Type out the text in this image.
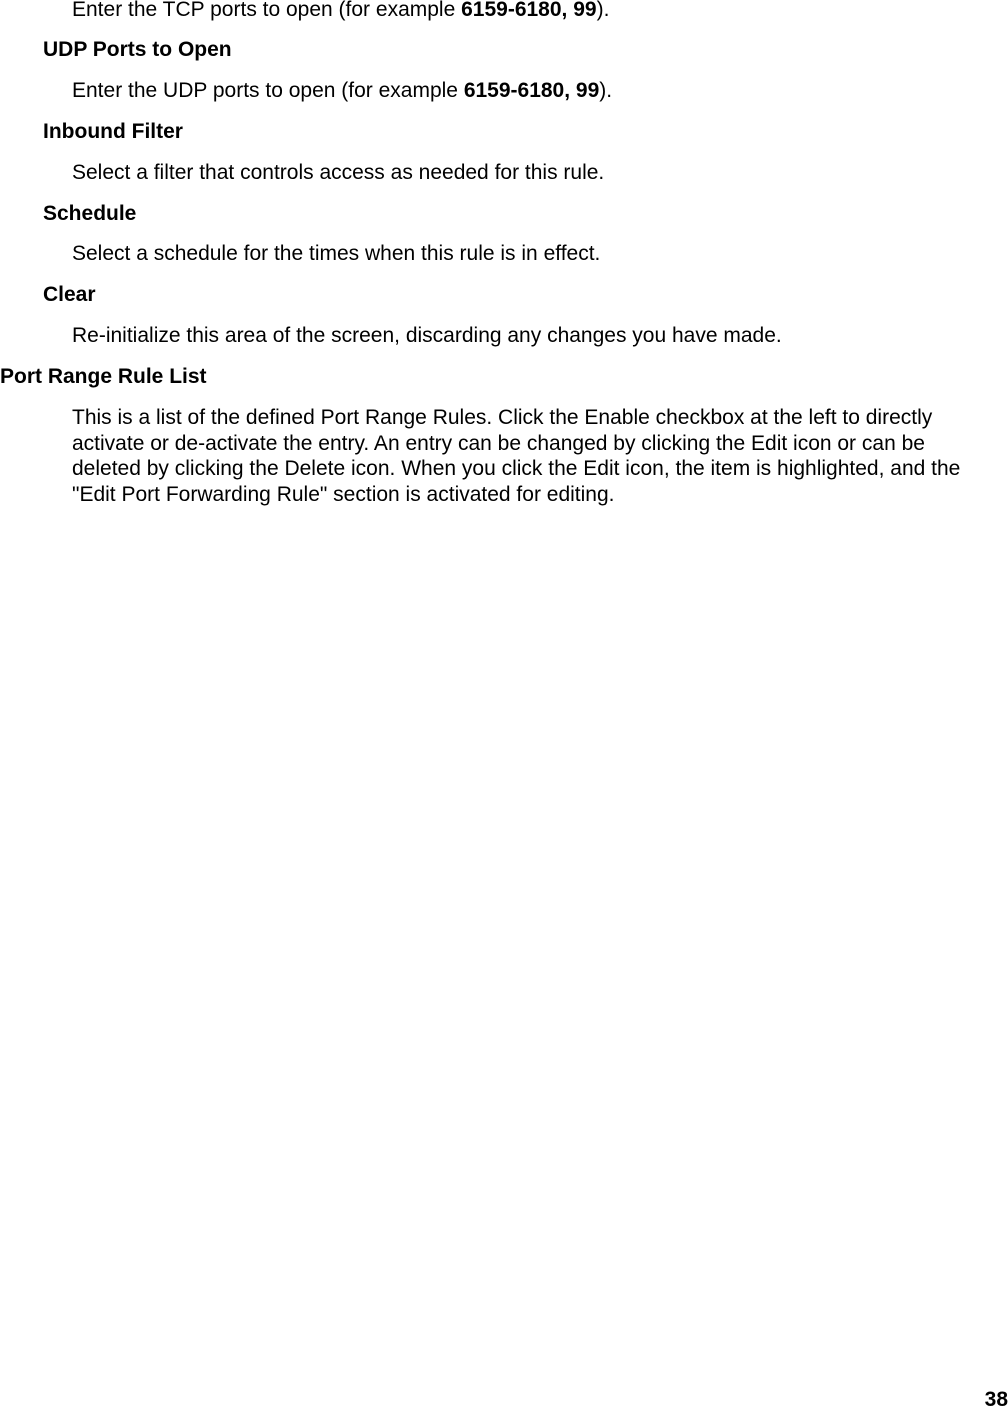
Enter the TCP ports to open (for example 6159-6180, 99).
UDP Ports to Open
Enter the UDP ports to open (for example 6159-6180, 99).
Inbound Filter
Select a filter that controls access as needed for this rule.
Schedule
Select a schedule for the times when this rule is in effect.
Clear
Re-initialize this area of the screen, discarding any changes you have made.
Port Range Rule List
This is a list of the defined Port Range Rules. Click the Enable checkbox at the left to directly activate or de-activate the entry. An entry can be changed by clicking the Edit icon or can be deleted by clicking the Delete icon. When you click the Edit icon, the item is highlighted, and the "Edit Port Forwarding Rule" section is activated for editing.
38
